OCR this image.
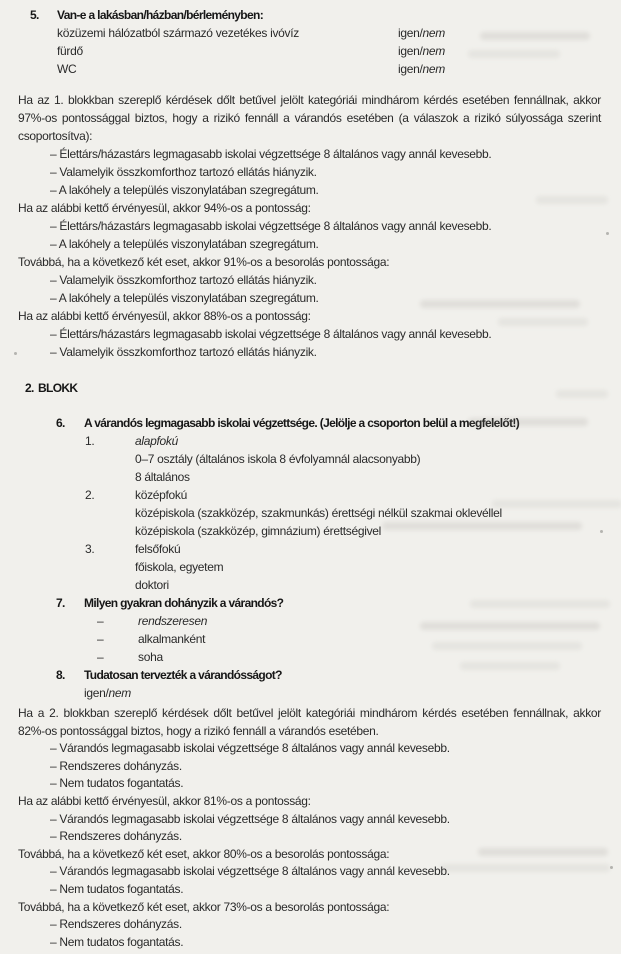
5.	Van-e a lakásban/házban/bérleményben:
közüzemi hálózatból származó vezetékes ivóvíz	igen/nem
fürdő	igen/nem
WC	igen/nem

Ha az 1. blokkban szereplő kérdések dőlt betűvel jelölt kategóriái mindhárom kérdés esetében fennállnak, akkor 97%-os pontossággal biztos, hogy a rizikó fennáll a várandós esetében (a válaszok a rizikó súlyossága szerint csoportosítva):

– Élettárs/házastárs legmagasabb iskolai végzettsége 8 általános vagy annál kevesebb.
– Valamelyik összkomforthoz tartozó ellátás hiányzik.
– A lakóhely a település viszonylatában szegregátum.

Ha az alábbi kettő érvényesül, akkor 94%-os a pontosság:

– Élettárs/házastárs legmagasabb iskolai végzettsége 8 általános vagy annál kevesebb.
– A lakóhely a település viszonylatában szegregátum.

Továbbá, ha a következő két eset, akkor 91%-os a besorolás pontossága:

– Valamelyik összkomforthoz tartozó ellátás hiányzik.
– A lakóhely a település viszonylatában szegregátum.

Ha az alábbi kettő érvényesül, akkor 88%-os a pontosság:

– Élettárs/házastárs legmagasabb iskolai végzettsége 8 általános vagy annál kevesebb.
– Valamelyik összkomforthoz tartozó ellátás hiányzik.
2. BLOKK
6.	A várandós legmagasabb iskolai végzettsége. (Jelölje a csoporton belül a megfelelőt!)
1.	alapfokú
0–7 osztály (általános iskola 8 évfolyamnál alacsonyabb)
8 általános
2.	középfokú
középiskola (szakközép, szakmunkás) érettségi nélkül szakmai oklevéllel
középiskola (szakközép, gimnázium) érettségivel
3.	felsőfokú
főiskola, egyetem
doktori
7.	Milyen gyakran dohányzik a várandós?
–	rendszeresen
–	alkalmanként
–	soha
8.	Tudatosan tervezték a várandósságot?
igen/nem

Ha a 2. blokkban szereplő kérdések dőlt betűvel jelölt kategóriái mindhárom kérdés esetében fennállnak, akkor 82%-os pontossággal biztos, hogy a rizikó fennáll a várandós esetében.

– Várandós legmagasabb iskolai végzettsége 8 általános vagy annál kevesebb.
– Rendszeres dohányzás.
– Nem tudatos fogantatás.

Ha az alábbi kettő érvényesül, akkor 81%-os a pontosság:

– Várandós legmagasabb iskolai végzettsége 8 általános vagy annál kevesebb.
– Rendszeres dohányzás.

Továbbá, ha a következő két eset, akkor 80%-os a besorolás pontossága:

– Várandós legmagasabb iskolai végzettsége 8 általános vagy annál kevesebb.
– Nem tudatos fogantatás.

Továbbá, ha a következő két eset, akkor 73%-os a besorolás pontossága:

– Rendszeres dohányzás.
– Nem tudatos fogantatás.
